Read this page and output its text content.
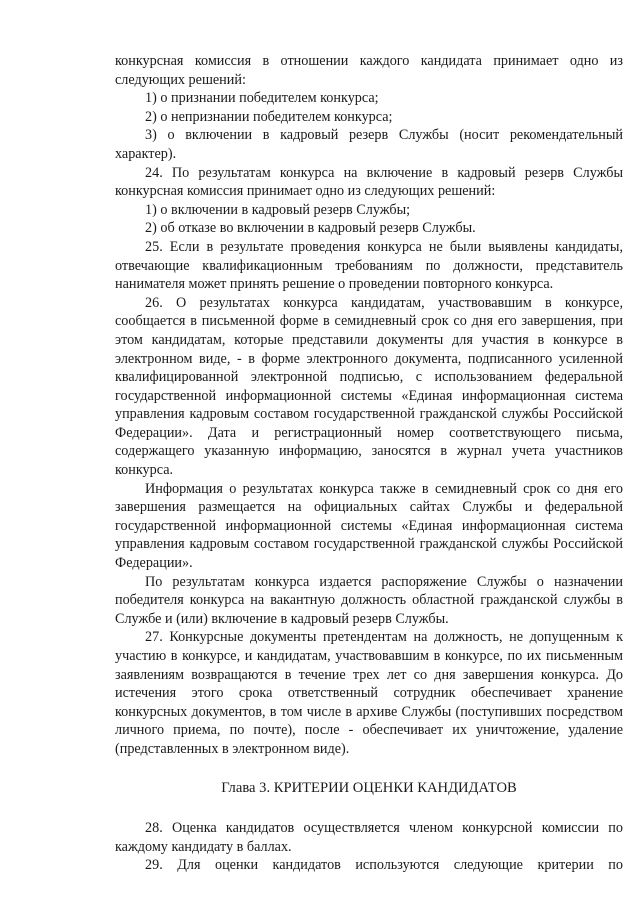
конкурсная комиссия в отношении каждого кандидата принимает одно из следующих решений:

1) о признании победителем конкурса;

2) о непризнании победителем конкурса;

3) о включении в кадровый резерв Службы (носит рекомендательный характер).

24. По результатам конкурса на включение в кадровый резерв Службы конкурсная комиссия принимает одно из следующих решений:

1) о включении в кадровый резерв Службы;

2) об отказе во включении в кадровый резерв Службы.

25. Если в результате проведения конкурса не были выявлены кандидаты, отвечающие квалификационным требованиям по должности, представитель нанимателя может принять решение о проведении повторного конкурса.

26. О результатах конкурса кандидатам, участвовавшим в конкурсе, сообщается в письменной форме в семидневный срок со дня его завершения, при этом кандидатам, которые представили документы для участия в конкурсе в электронном виде, - в форме электронного документа, подписанного усиленной квалифицированной электронной подписью, с использованием федеральной государственной информационной системы «Единая информационная система управления кадровым составом государственной гражданской службы Российской Федерации». Дата и регистрационный номер соответствующего письма, содержащего указанную информацию, заносятся в журнал учета участников конкурса.

Информация о результатах конкурса также в семидневный срок со дня его завершения размещается на официальных сайтах Службы и федеральной государственной информационной системы «Единая информационная система управления кадровым составом государственной гражданской службы Российской Федерации».

По результатам конкурса издается распоряжение Службы о назначении победителя конкурса на вакантную должность областной гражданской службы в Службе и (или) включение в кадровый резерв Службы.

27. Конкурсные документы претендентам на должность, не допущенным к участию в конкурсе, и кандидатам, участвовавшим в конкурсе, по их письменным заявлениям возвращаются в течение трех лет со дня завершения конкурса. До истечения этого срока ответственный сотрудник обеспечивает хранение конкурсных документов, в том числе в архиве Службы (поступивших посредством личного приема, по почте), после - обеспечивает их уничтожение, удаление (представленных в электронном виде).

Глава 3. КРИТЕРИИ ОЦЕНКИ КАНДИДАТОВ

28. Оценка кандидатов осуществляется членом конкурсной комиссии по каждому кандидату в баллах.

29. Для оценки кандидатов используются следующие критерии по
